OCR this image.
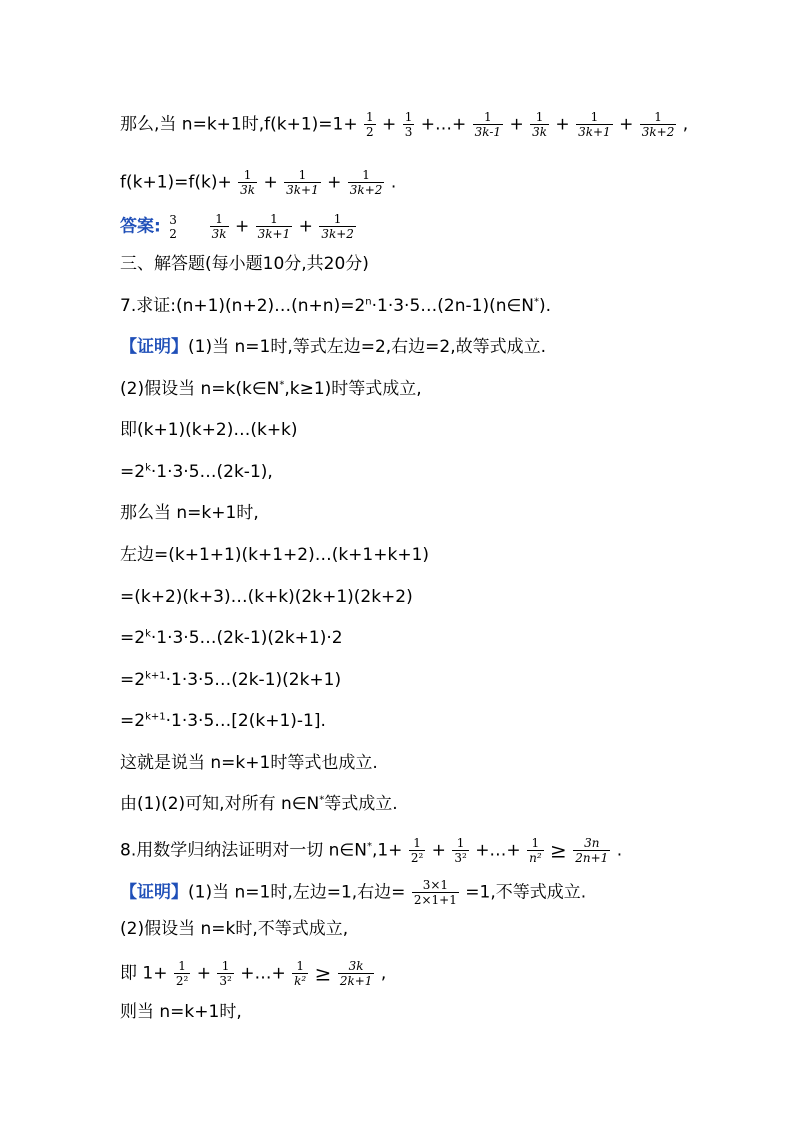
那么,当 n=k+1时$,f(k+1)=1+ \frac{1}{2} + \frac{1}{3}$ +…+ $\frac{1}{3k-1} + \frac{1}{3k} + \frac{1}{3k+1} + \frac{1}{3k+2}$ ,
$f(k+1)=f(k)+ \frac{1}{3k} + \frac{1}{3k+1} + \frac{1}{3k+2}$ .
答案: 3
2
	$\frac{1}{3k} + \frac{1}{3k+1} + \frac{1}{3k+2}$
三、解答题(每小题10分,共20分)
7.求证$:(n+1)(n+2)\dots(n+n)=2^n\cdot 1\cdot 3\cdot 5\dots(2n-1)(n\in N^*)$.
【证明】(1)当 n=1时,等式左边=2,右边=2,故等式成立.
(2)假设当 n=k(k∈N*,k≥1)时等式成立,
即(k+1)(k+2)…(k+k)
$=2^k\cdot 1\cdot 3\cdot 5\dots(2k-1)$,
那么当 n=k+1时,
左边=(k+1+1)(k+1+2)…(k+1+k+1)
=(k+2)(k+3)…(k+k)(2k+1)(2k+2)
$=2^k\cdot 1\cdot 3\cdot 5\dots(2k-1)(2k+1)\cdot 2$
$=2^{k+1}\cdot 1\cdot 3\cdot 5\dots(2k-1)(2k+1)$
$=2^{k+1}\cdot 1\cdot 3\cdot 5\dots[2(k+1)-1]$.
这就是说当 n=k+1时等式也成立.
由(1)(2)可知,对所有 n∈N*等式成立.
8.用数学归纳法证明对一切 n∈N*,1+ $\frac{1}{\text{2²}} + \frac{1}{\text{3²}}$ +…+ $\frac{1}{\text{n²}} \ge \frac{3n}{2n+1}$ .
【证明】(1)当 n=1时,左边=1,右边= $\frac{3\times 1}{2\times 1+1} =1$,不等式成立.
(2)假设当 n=k时,不等式成立,
即 $1+ \frac{1}{\text{2²}} + \frac{1}{\text{3²}}$ +…+ $\frac{1}{\text{k²}} \ge \frac{3k}{2k+1}$ ,
则当 n=k+1时,
